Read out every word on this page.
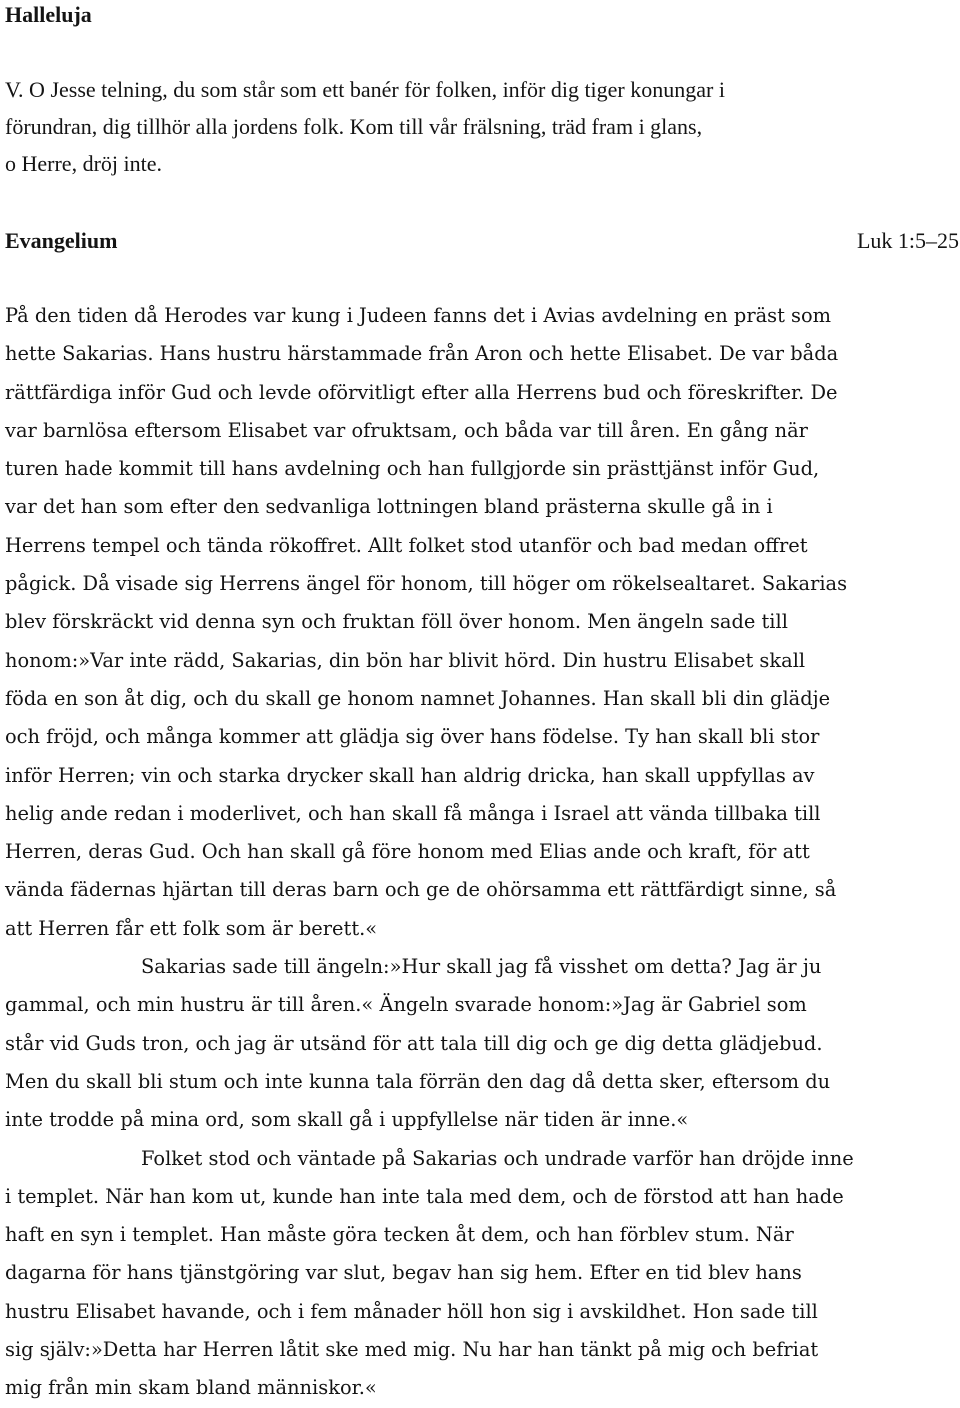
Halleluja
V. O Jesse telning, du som står som ett banér för folken, inför dig tiger konungar i
förundran, dig tillhör alla jordens folk. Kom till vår frälsning, träd fram i glans,
o Herre, dröj inte.
Evangelium	Luk 1:5–25
På den tiden då Herodes var kung i Judeen fanns det i Avias avdelning en präst som
hette Sakarias. Hans hustru härstammade från Aron och hette Elisabet. De var båda
rättfärdiga inför Gud och levde oförvitligt efter alla Herrens bud och föreskrifter. De
var barnlösa eftersom Elisabet var ofruktsam, och båda var till åren. En gång när
turen hade kommit till hans avdelning och han fullgjorde sin prästtjänst inför Gud,
var det han som efter den sedvanliga lottningen bland prästerna skulle gå in i
Herrens tempel och tända rökoffret. Allt folket stod utanför och bad medan offret
pågick. Då visade sig Herrens ängel för honom, till höger om rökelsealtaret. Sakarias
blev förskräckt vid denna syn och fruktan föll över honom. Men ängeln sade till
honom:»Var inte rädd, Sakarias, din bön har blivit hörd. Din hustru Elisabet skall
föda en son åt dig, och du skall ge honom namnet Johannes. Han skall bli din glädje
och fröjd, och många kommer att glädja sig över hans födelse. Ty han skall bli stor
inför Herren; vin och starka drycker skall han aldrig dricka, han skall uppfyllas av
helig ande redan i moderlivet, och han skall få många i Israel att vända tillbaka till
Herren, deras Gud. Och han skall gå före honom med Elias ande och kraft, för att
vända fädernas hjärtan till deras barn och ge de ohörsamma ett rättfärdigt sinne, så
att Herren får ett folk som är berett.«
Sakarias sade till ängeln:»Hur skall jag få visshet om detta? Jag är ju
gammal, och min hustru är till åren.« Ängeln svarade honom:»Jag är Gabriel som
står vid Guds tron, och jag är utsänd för att tala till dig och ge dig detta glädjebud.
Men du skall bli stum och inte kunna tala förrän den dag då detta sker, eftersom du
inte trodde på mina ord, som skall gå i uppfyllelse när tiden är inne.«
Folket stod och väntade på Sakarias och undrade varför han dröjde inne
i templet. När han kom ut, kunde han inte tala med dem, och de förstod att han hade
haft en syn i templet. Han måste göra tecken åt dem, och han förblev stum. När
dagarna för hans tjänstgöring var slut, begav han sig hem. Efter en tid blev hans
hustru Elisabet havande, och i fem månader höll hon sig i avskildhet. Hon sade till
sig själv:»Detta har Herren låtit ske med mig. Nu har han tänkt på mig och befriat
mig från min skam bland människor.«
